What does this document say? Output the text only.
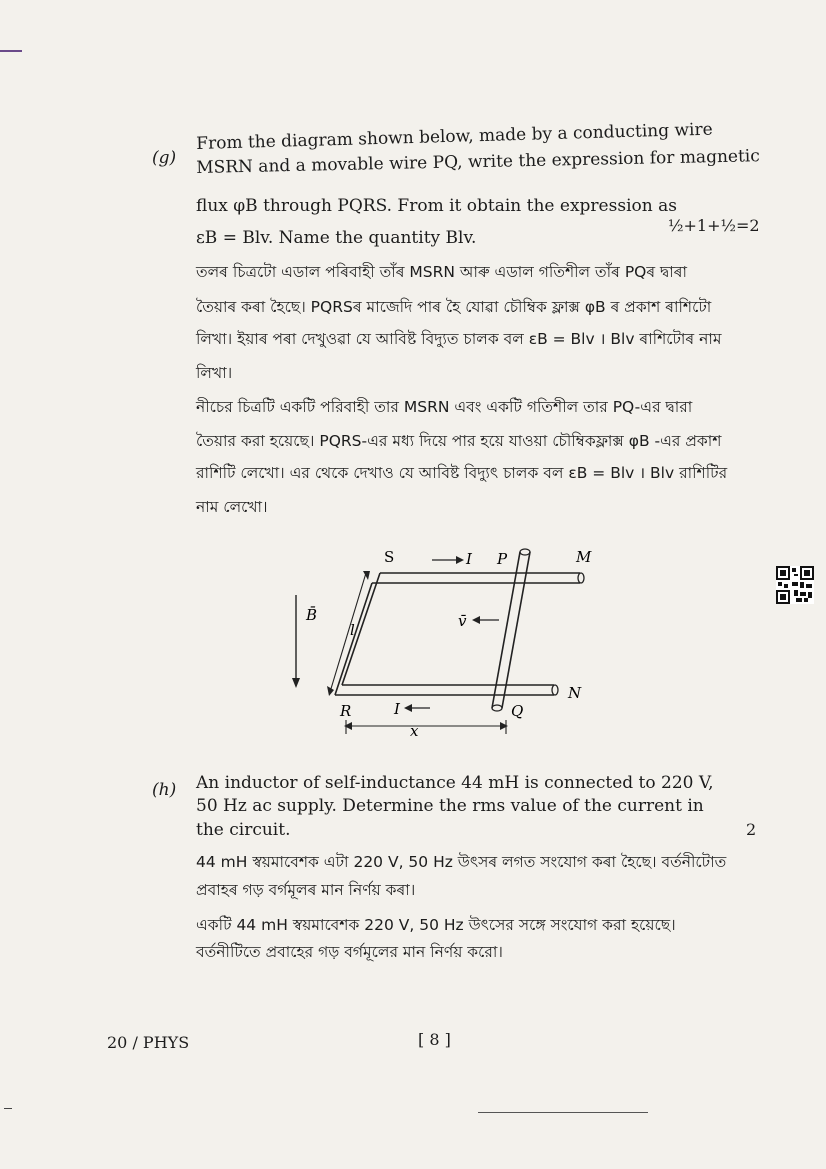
(g)
From the diagram shown below, made by a conducting wire
MSRN and a movable wire PQ, write the expression for magnetic
flux φB through PQRS. From it obtain the expression as
εB = Blv. Name the quantity Blv.
½+1+½=2
তলৰ চিত্ৰটো এডাল পৰিবাহী তাঁৰ MSRN আৰু এডাল গতিশীল তাঁৰ PQৰ দ্বাৰা
তৈয়াৰ কৰা হৈছে। PQRSৰ মাজেদি পাৰ হৈ যোৱা চৌম্বিক ফ্লাক্স φB ৰ প্ৰকাশ ৰাশিটো
লিখা। ইয়াৰ পৰা দেখুওৱা যে আবিষ্ট বিদ্যুত চালক বল εB = Blv । Blv ৰাশিটোৰ নাম
লিখা।
নীচের চিত্রটি একটি পরিবাহী তার MSRN এবং একটি গতিশীল তার PQ-এর দ্বারা
তৈয়ার করা হয়েছে। PQRS-এর মধ্য দিয়ে পার হয়ে যাওয়া চৌম্বিকফ্লাক্স φB -এর প্রকাশ
রাশিটি লেখো। এর থেকে দেখাও যে আবিষ্ট বিদ্যুৎ চালক বল εB = Blv । Blv রাশিটির
নাম লেখো।
S	I P	M
B̄
l	v̄
N
R	I	Q
x
(h) An inductor of self-inductance 44 mH is connected to 220 V,
50 Hz ac supply. Determine the rms value of the current in
the circuit.	2
44 mH স্বয়মাবেশক এটা 220 V, 50 Hz উৎসৰ লগত সংযোগ কৰা হৈছে। বৰ্তনীটোত
প্ৰবাহৰ গড় বৰ্গমূলৰ মান নিৰ্ণয় কৰা।
একটি 44 mH স্বয়মাবেশক 220 V, 50 Hz উৎসের সঙ্গে সংযোগ করা হয়েছে।
বর্তনীটিতে প্রবাহের গড় বর্গমূলের মান নির্ণয় করো।
20 / PHYS	[ 8 ]
